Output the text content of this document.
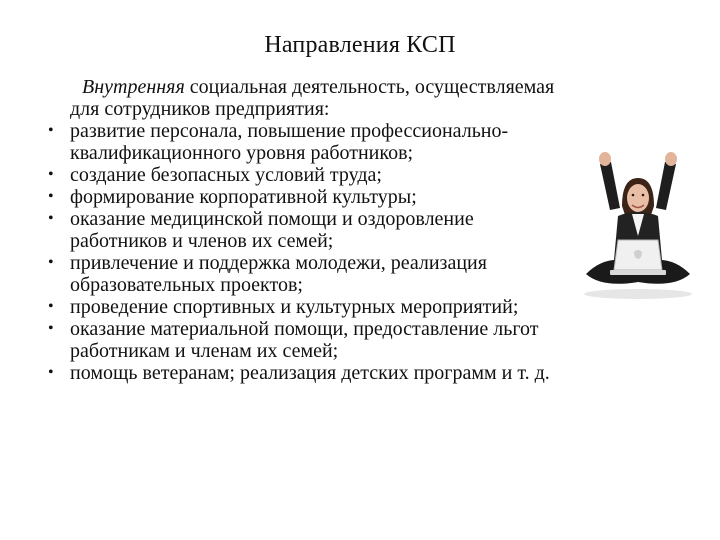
Направления КСП
Внутренняя социальная деятельность, осуществляемая
для сотрудников предприятия:
• развитие персонала, повышение профессионально-
квалификационного уровня работников;
• создание безопасных условий труда;
• формирование корпоративной культуры;
• оказание медицинской помощи и оздоровление
работников и членов их семей;
• привлечение и поддержка молодежи, реализация
образовательных проектов;
• проведение спортивных и культурных мероприятий;
• оказание материальной помощи, предоставление льгот
работникам и членам их семей;
• помощь ветеранам; реализация детских программ и т. д.
